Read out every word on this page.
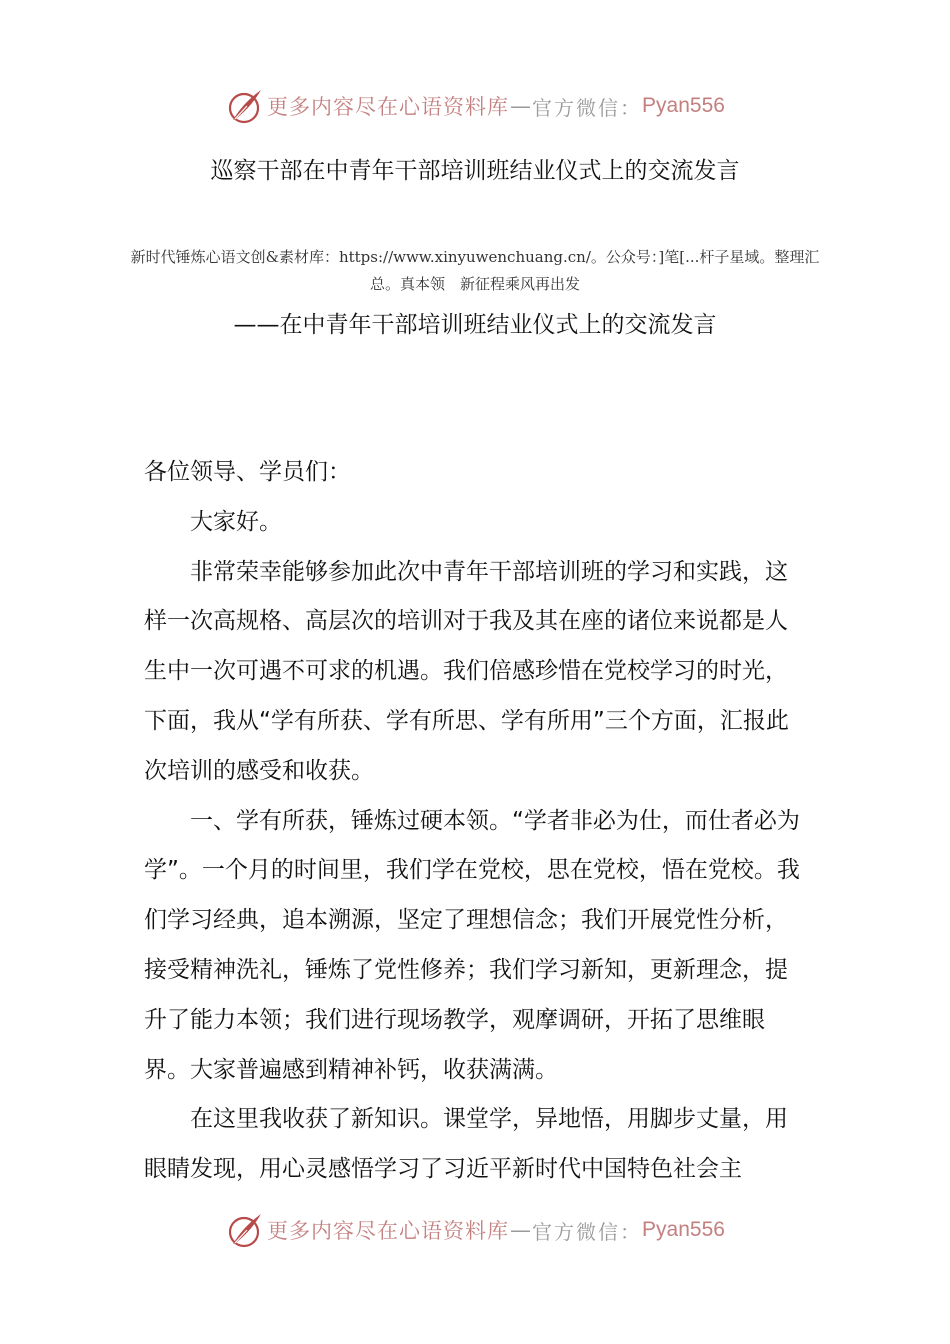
更多内容尽在心语资料库 — 官方微信： Pyan556
巡察干部在中青年干部培训班结业仪式上的交流发言
新时代锤炼心语文创&素材库：https://www.xinyuwenchuang.cn/。公众号：]笔[...杆子星域。整理汇总。真本领　新征程乘风再出发
——在中青年干部培训班结业仪式上的交流发言

各位领导、学员们：

大家好。

非常荣幸能够参加此次中青年干部培训班的学习和实践，这样一次高规格、高层次的培训对于我及其在座的诸位来说都是人生中一次可遇不可求的机遇。我们倍感珍惜在党校学习的时光，下面，我从“学有所获、学有所思、学有所用”三个方面，汇报此次培训的感受和收获。

一、学有所获，锤炼过硬本领。“学者非必为仕，而仕者必为学”。一个月的时间里，我们学在党校，思在党校，悟在党校。我们学习经典，追本溯源，坚定了理想信念；我们开展党性分析，接受精神洗礼，锤炼了党性修养；我们学习新知，更新理念，提升了能力本领；我们进行现场教学，观摩调研，开拓了思维眼界。大家普遍感到精神补钙，收获满满。

在这里我收获了新知识。课堂学，异地悟，用脚步丈量，用眼睛发现，用心灵感悟学习了习近平新时代中国特色社会主

更多内容尽在心语资料库 — 官方微信： Pyan556
